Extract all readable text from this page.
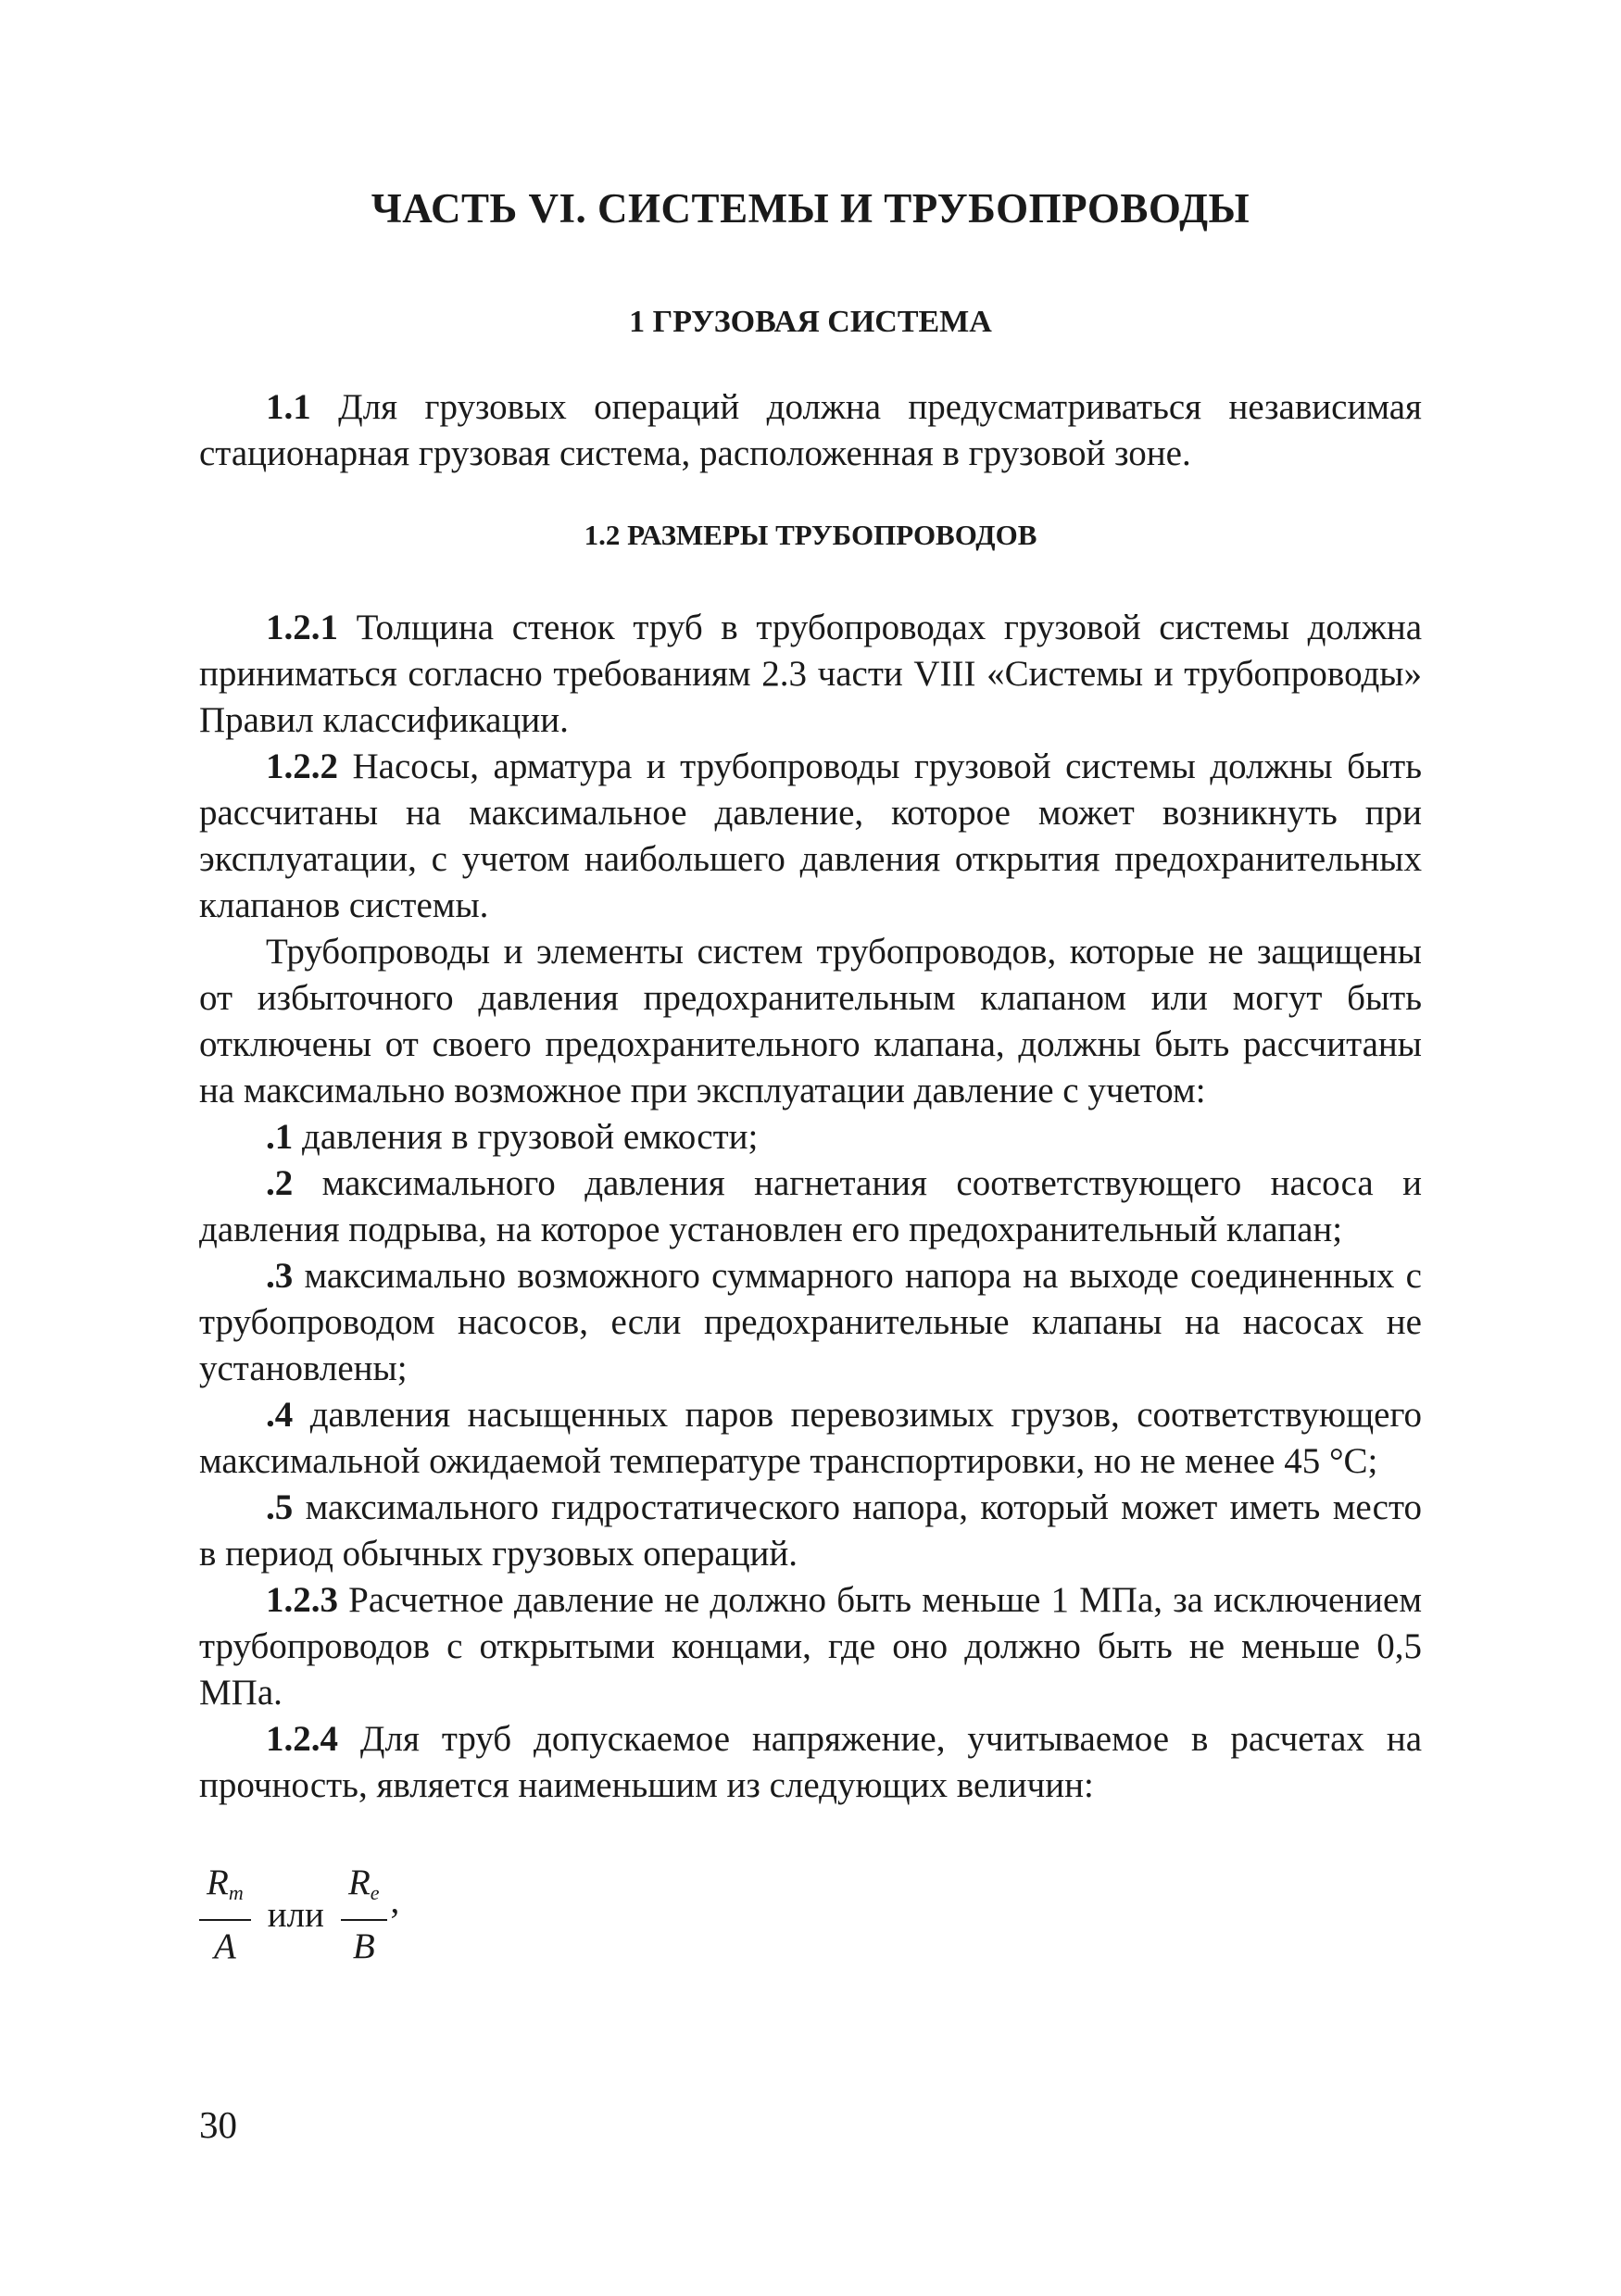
ЧАСТЬ VI. СИСТЕМЫ И ТРУБОПРОВОДЫ
1 ГРУЗОВАЯ СИСТЕМА

1.1 Для грузовых операций должна предусматриваться независимая стационарная грузовая система, расположенная в грузовой зоне.

1.2 РАЗМЕРЫ ТРУБОПРОВОДОВ

1.2.1 Толщина стенок труб в трубопроводах грузовой системы должна приниматься согласно требованиям 2.3 части VIII «Системы и трубопроводы» Правил классификации.

1.2.2 Насосы, арматура и трубопроводы грузовой системы должны быть рассчитаны на максимальное давление, которое может возникнуть при эксплуатации, с учетом наибольшего давления открытия предохранительных клапанов системы.

Трубопроводы и элементы систем трубопроводов, которые не защищены от избыточного давления предохранительным клапаном или могут быть отключены от своего предохранительного клапана, должны быть рассчитаны на максимально возможное при эксплуатации давление с учетом:

.1 давления в грузовой емкости;

.2 максимального давления нагнетания соответствующего насоса и давления подрыва, на которое установлен его предохранительный клапан;

.3 максимально возможного суммарного напора на выходе соединенных с трубопроводом насосов, если предохранительные клапаны на насосах не установлены;

.4 давления насыщенных паров перевозимых грузов, соответствующего максимальной ожидаемой температуре транспортировки, но не менее 45 °C;

.5 максимального гидростатического напора, который может иметь место в период обычных грузовых операций.

1.2.3 Расчетное давление не должно быть меньше 1 МПа, за исключением трубопроводов с открытыми концами, где оно должно быть не меньше 0,5 МПа.

1.2.4 Для труб допускаемое напряжение, учитываемое в расчетах на прочность, является наименьшим из следующих величин:

$\frac{R_m}{A}$ или $\frac{R_e}{B}$ ,
30
